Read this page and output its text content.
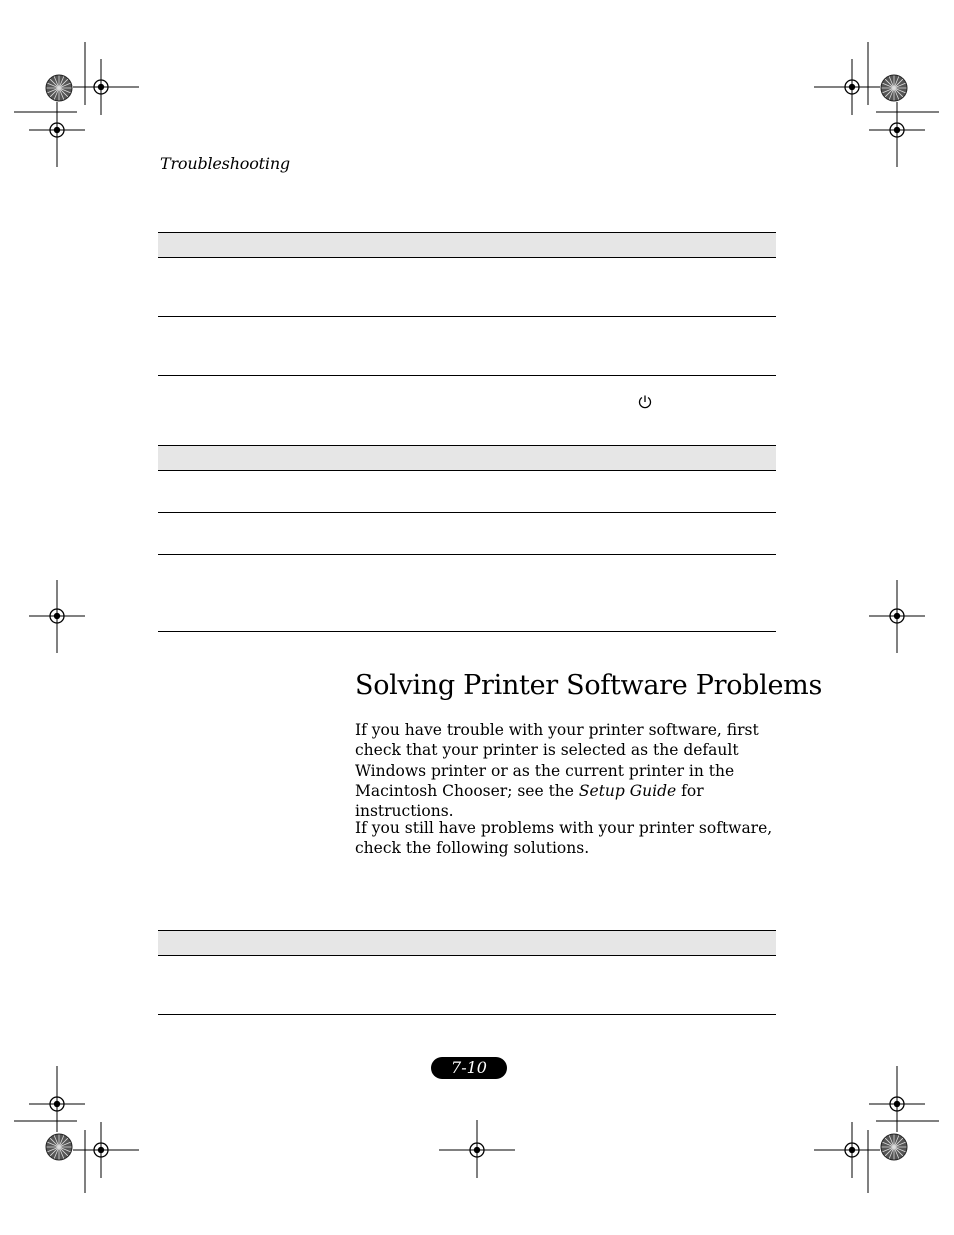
Troubleshooting
Solving Printer Software Problems

If you have trouble with your printer software, first check that your printer is selected as the default Windows printer or as the current printer in the Macintosh Chooser; see the Setup Guide for instructions.

If you still have problems with your printer software, check the following solutions.

7-10
